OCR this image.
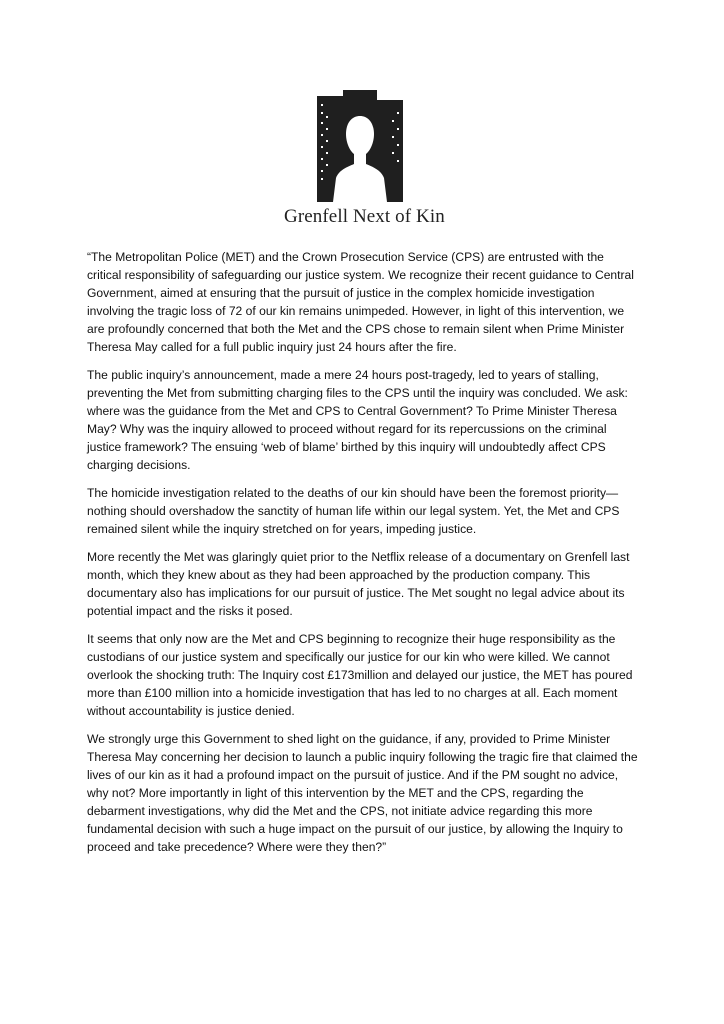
Grenfell Next of Kin

“The Metropolitan Police (MET) and the Crown Prosecution Service (CPS) are entrusted with the critical responsibility of safeguarding our justice system. We recognize their recent guidance to Central Government, aimed at ensuring that the pursuit of justice in the complex homicide investigation involving the tragic loss of 72 of our kin remains unimpeded. However, in light of this intervention, we are profoundly concerned that both the Met and the CPS chose to remain silent when Prime Minister Theresa May called for a full public inquiry just 24 hours after the fire.

The public inquiry’s announcement, made a mere 24 hours post-tragedy, led to years of stalling, preventing the Met from submitting charging files to the CPS until the inquiry was concluded. We ask: where was the guidance from the Met and CPS to Central Government? To Prime Minister Theresa May? Why was the inquiry allowed to proceed without regard for its repercussions on the criminal justice framework? The ensuing ‘web of blame’ birthed by this inquiry will undoubtedly affect CPS charging decisions.

The homicide investigation related to the deaths of our kin should have been the foremost priority—nothing should overshadow the sanctity of human life within our legal system. Yet, the Met and CPS remained silent while the inquiry stretched on for years, impeding justice.

More recently the Met was glaringly quiet prior to the Netflix release of a documentary on Grenfell last month, which they knew about as they had been approached by the production company. This documentary also has implications for our pursuit of justice. The Met sought no legal advice about its potential impact and the risks it posed.

It seems that only now are the Met and CPS beginning to recognize their huge responsibility as the custodians of our justice system and specifically our justice for our kin who were killed. We cannot overlook the shocking truth: The Inquiry cost £173million and delayed our justice, the MET has poured more than £100 million into a homicide investigation that has led to no charges at all. Each moment without accountability is justice denied.

We strongly urge this Government to shed light on the guidance, if any, provided to Prime Minister Theresa May concerning her decision to launch a public inquiry following the tragic fire that claimed the lives of our kin as it had a profound impact on the pursuit of justice. And if the PM sought no advice, why not? More importantly in light of this intervention by the MET and the CPS, regarding the debarment investigations, why did the Met and the CPS, not initiate advice regarding this more fundamental decision with such a huge impact on the pursuit of our justice, by allowing the Inquiry to proceed and take precedence? Where were they then?”
